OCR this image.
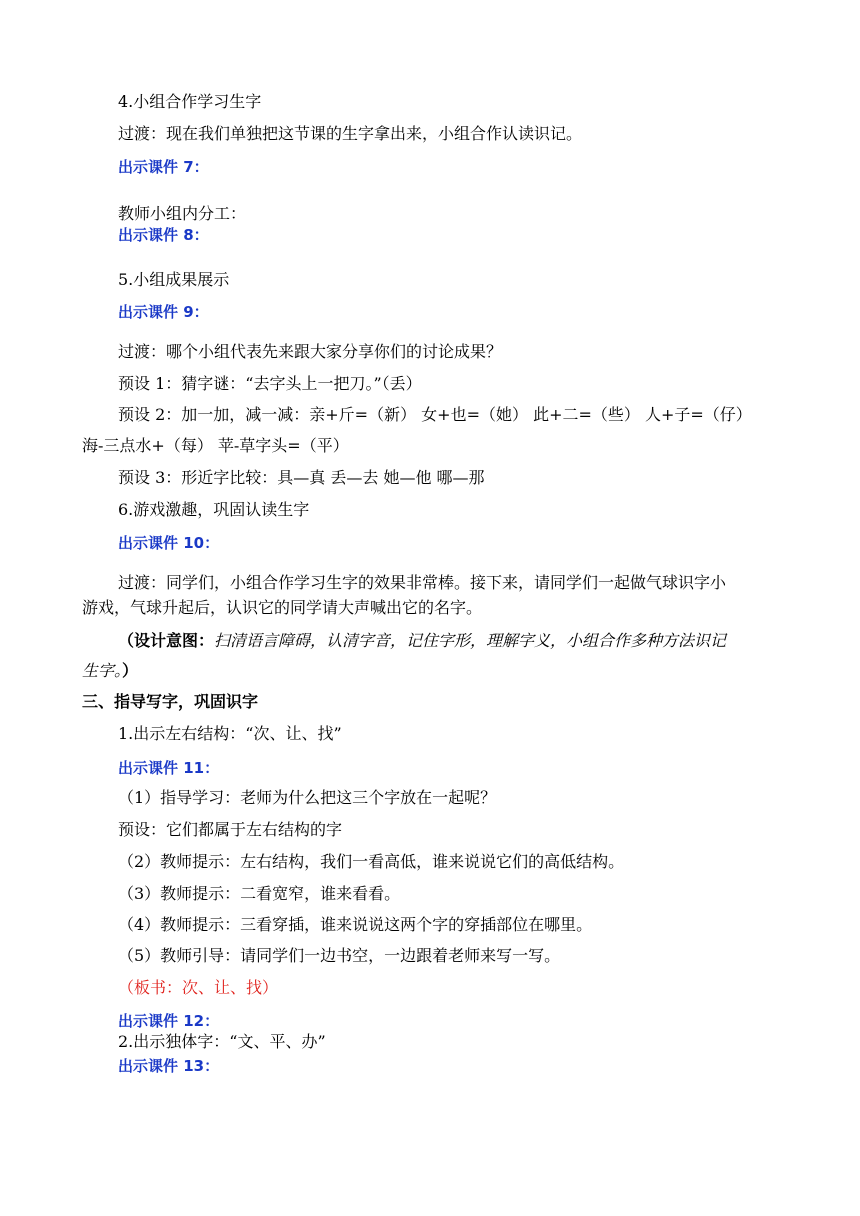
4.小组合作学习生字
过渡：现在我们单独把这节课的生字拿出来，小组合作认读识记。
出示课件 7：
教师小组内分工：
出示课件 8：
5.小组成果展示
出示课件 9：
过渡：哪个小组代表先来跟大家分享你们的讨论成果？
预设 1：猜字谜：“去字头上一把刀。”（丢）
预设 2：加一加，减一减：亲+斤=（新） 女+也=（她） 此+二=（些） 人+子=（仔）
海-三点水+（每） 苹-草字头=（平）
预设 3：形近字比较：具—真 丢—去 她—他 哪—那
6.游戏激趣，巩固认读生字
出示课件 10：
过渡：同学们，小组合作学习生字的效果非常棒。接下来，请同学们一起做气球识字小
游戏，气球升起后，认识它的同学请大声喊出它的名字。
（设计意图：扫清语言障碍，认清字音，记住字形，理解字义，小组合作多种方法识记
生字。）
三、指导写字，巩固识字
1.出示左右结构：“次、让、找”
出示课件 11：
（1）指导学习：老师为什么把这三个字放在一起呢？
预设：它们都属于左右结构的字
（2）教师提示：左右结构，我们一看高低，谁来说说它们的高低结构。
（3）教师提示：二看宽窄，谁来看看。
（4）教师提示：三看穿插，谁来说说这两个字的穿插部位在哪里。
（5）教师引导：请同学们一边书空，一边跟着老师来写一写。
（板书：次、让、找）
出示课件 12：
2.出示独体字：“文、平、办”
出示课件 13：
